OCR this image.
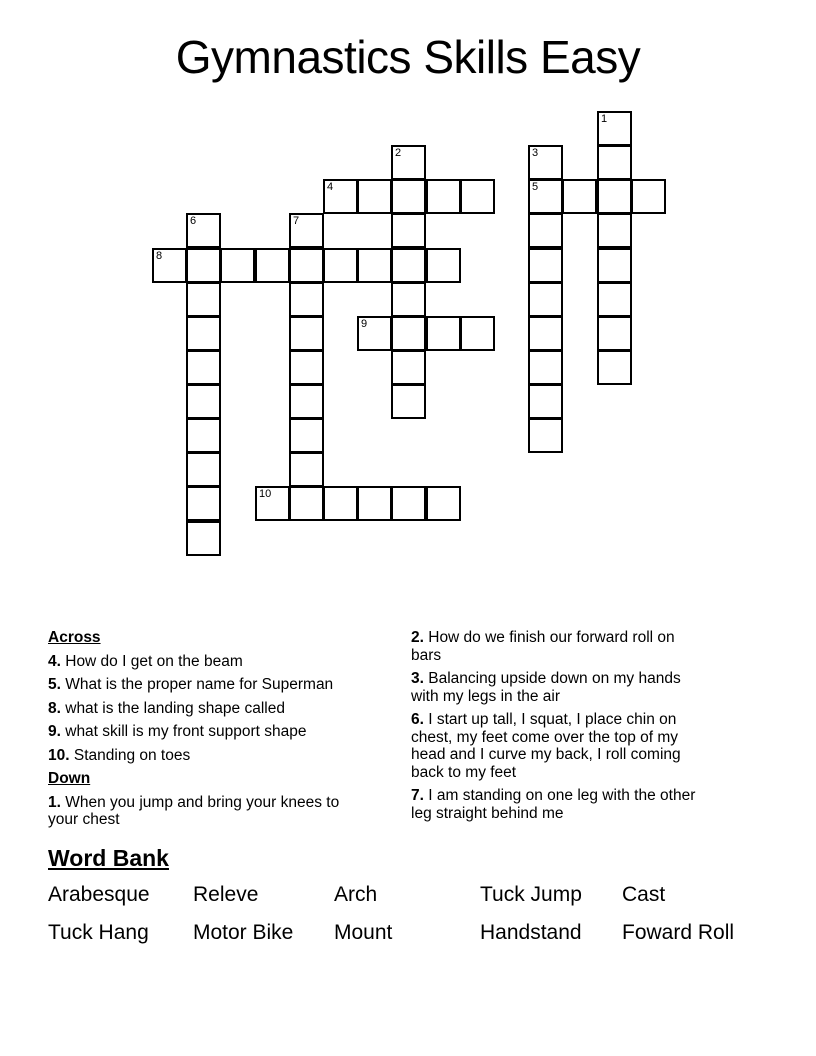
Gymnastics Skills Easy
1
2	3
5
4
6	7
8
9
10

Across

4. How do I get on the beam

5. What is the proper name for Superman

8. what is the landing shape called

9. what skill is my front support shape

10. Standing on toes

Down

1. When you jump and bring your knees to your chest

2. How do we finish our forward roll on bars

3. Balancing upside down on my hands with my legs in the air

6. I start up tall, I squat, I place chin on chest, my feet come over the top of my head and I curve my back, I roll coming back to my feet

7. I am standing on one leg with the other leg straight behind me

Word Bank

Arabesque Releve	Arch	Tuck Jump Cast
Tuck Hang Motor Bike Mount	Handstand Foward Roll
